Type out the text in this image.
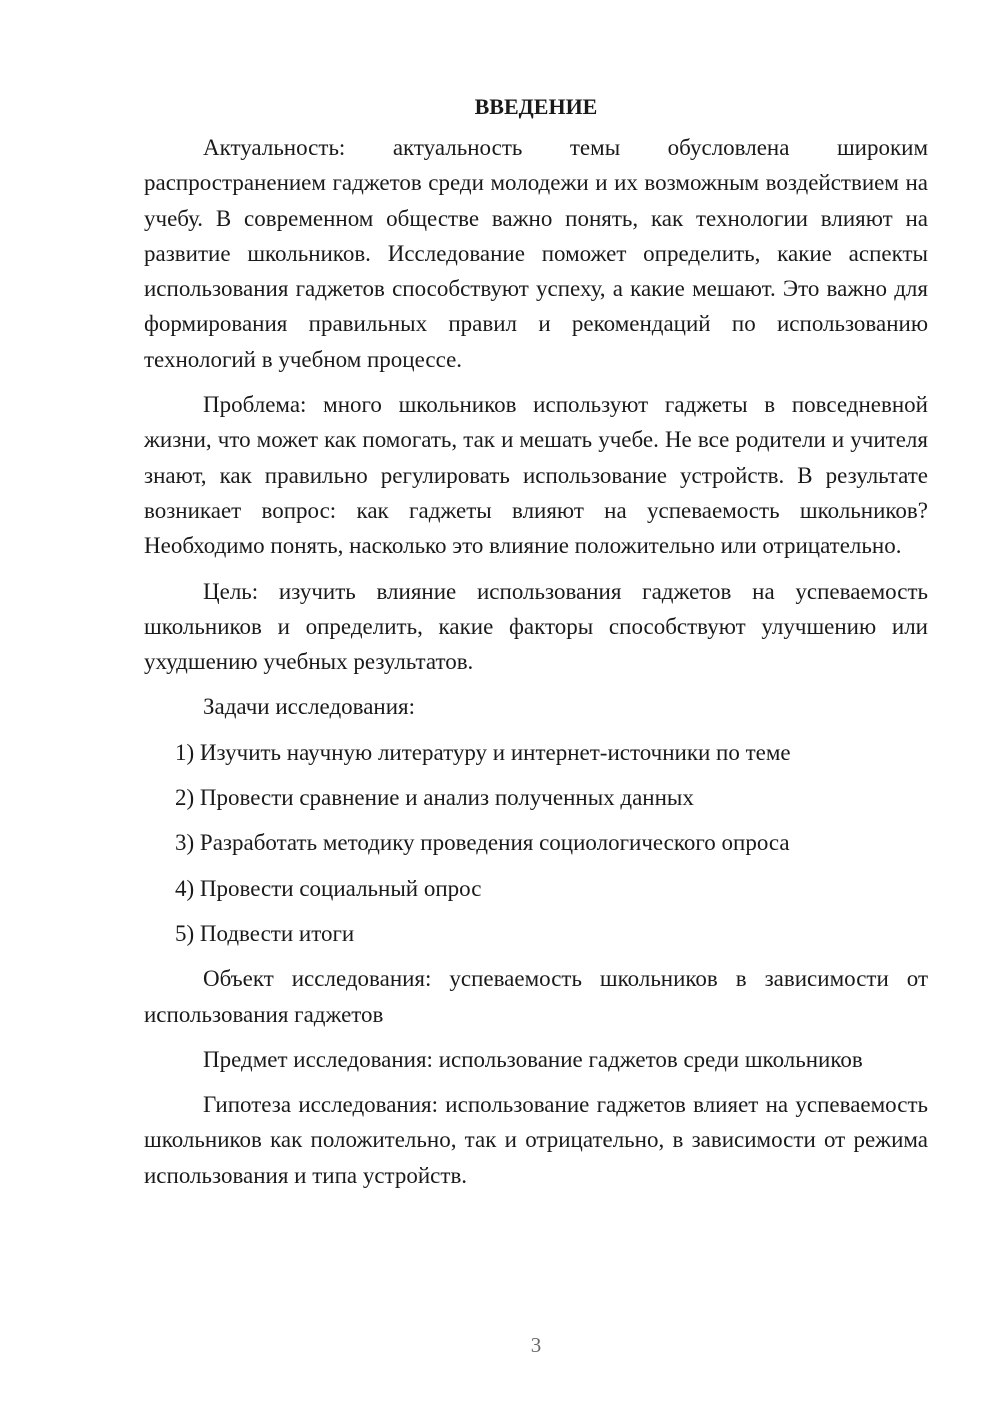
ВВЕДЕНИЕ

Актуальность: актуальность темы обусловлена широким распространением гаджетов среди молодежи и их возможным воздействием на учебу. В современном обществе важно понять, как технологии влияют на развитие школьников. Исследование поможет определить, какие аспекты использования гаджетов способствуют успеху, а какие мешают. Это важно для формирования правильных правил и рекомендаций по использованию технологий в учебном процессе.

Проблема: много школьников используют гаджеты в повседневной жизни, что может как помогать, так и мешать учебе. Не все родители и учителя знают, как правильно регулировать использование устройств. В результате возникает вопрос: как гаджеты влияют на успеваемость школьников? Необходимо понять, насколько это влияние положительно или отрицательно.

Цель: изучить влияние использования гаджетов на успеваемость школьников и определить, какие факторы способствуют улучшению или ухудшению учебных результатов.

Задачи исследования:

1) Изучить научную литературу и интернет-источники по теме
2) Провести сравнение и анализ полученных данных
3) Разработать методику проведения социологического опроса
4) Провести социальный опрос
5) Подвести итоги

Объект исследования: успеваемость школьников в зависимости от использования гаджетов

Предмет исследования: использование гаджетов среди школьников

Гипотеза исследования: использование гаджетов влияет на успеваемость школьников как положительно, так и отрицательно, в зависимости от режима использования и типа устройств.

3
